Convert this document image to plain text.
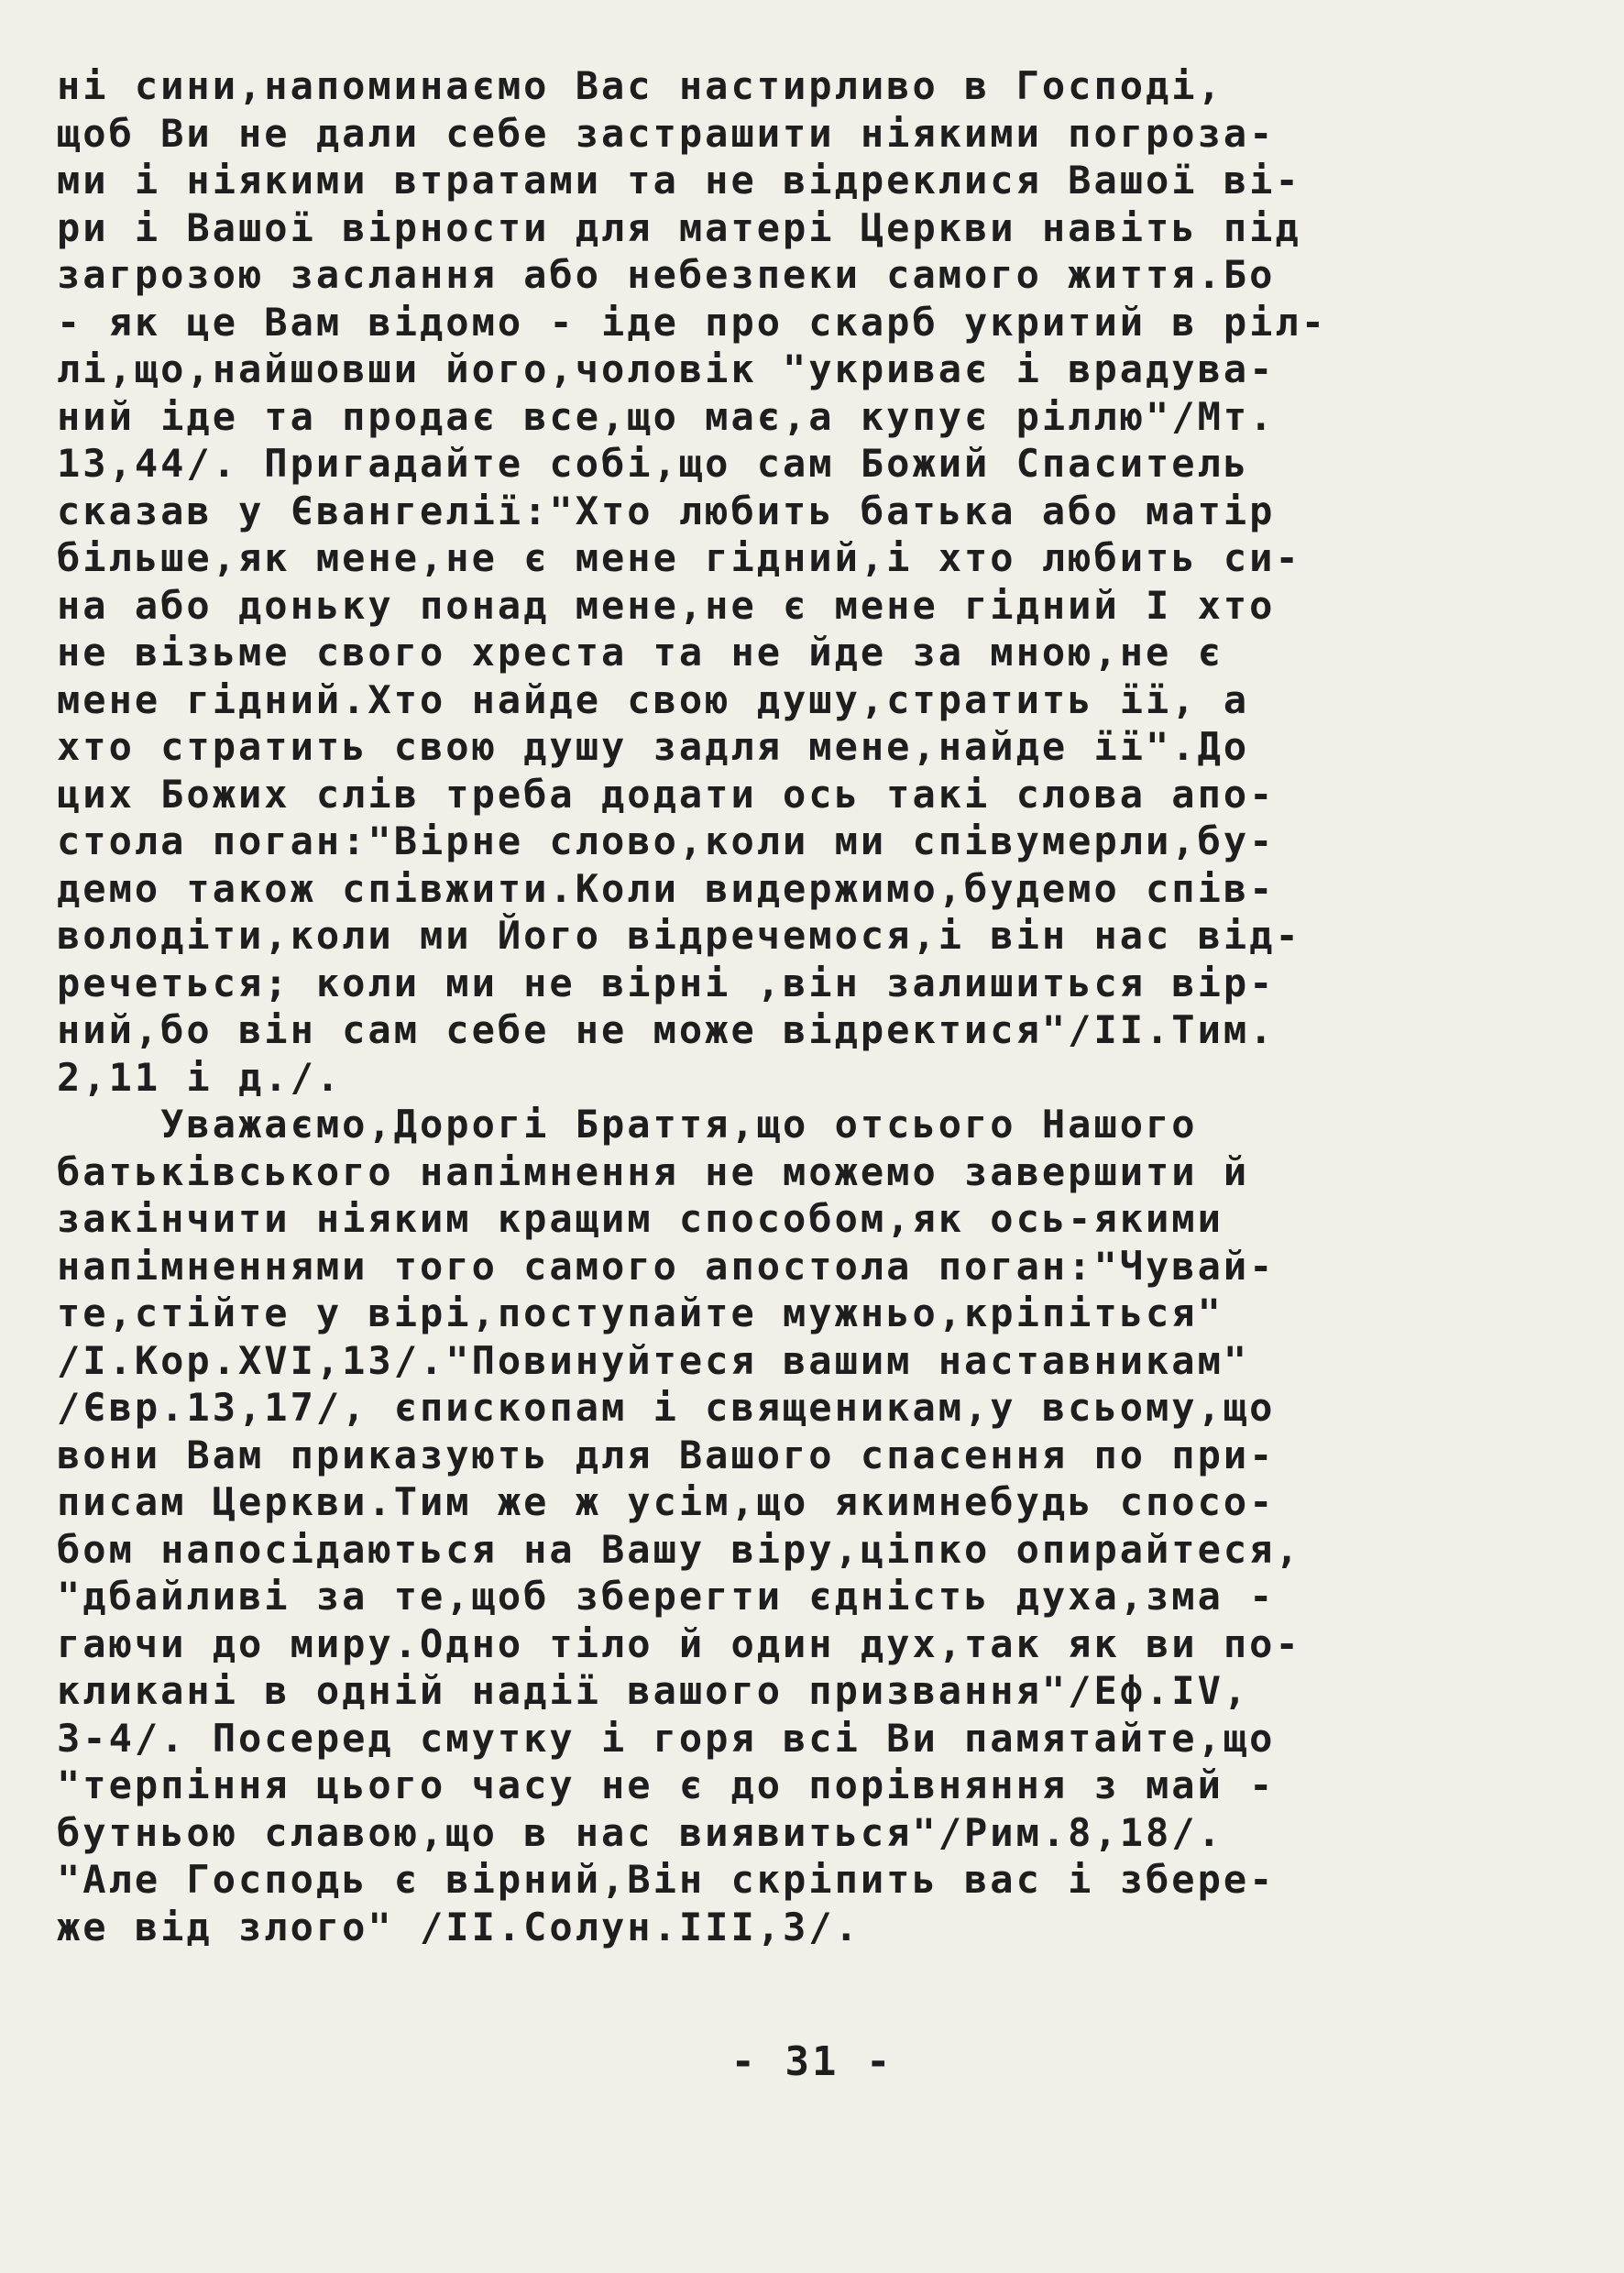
ні сини,напоминаємо Вас настирливо в Господі,
щоб Ви не дали себе застрашити ніякими погроза-
ми і ніякими втратами та не відреклися Вашої ві-
ри і Вашої вірности для матері Церкви навіть під
загрозою заслання або небезпеки самого життя.Бо
- як це Вам відомо - іде про скарб укритий в ріл-
лі,що,найшовши його,чоловік "укриває і врадува-
ний іде та продає все,що має,а купує ріллю"/Мт.
13,44/. Пригадайте собі,що сам Божий Спаситель
сказав у Євангелії:"Хто любить батька або матір
більше,як мене,не є мене гідний,і хто любить си-
на або доньку понад мене,не є мене гідний І хто
не візьме свого хреста та не йде за мною,не є
мене гідний.Хто найде свою душу,стратить її, а
хто стратить свою душу задля мене,найде її".До
цих Божих слів треба додати ось такі слова апо-
стола поган:"Вірне слово,коли ми співумерли,бу-
демо також співжити.Коли видержимо,будемо спів-
володіти,коли ми Його відречемося,і він нас від-
речеться; коли ми не вірні ,він залишиться вір-
ний,бо він сам себе не може відректися"/ІІ.Тим.
2,11 і д./.
Уважаємо,Дорогі Браття,що отсього Нашого
батьківського напімнення не можемо завершити й
закінчити ніяким кращим способом,як ось-якими
напімненнями того самого апостола поган:"Чувай-
те,стійте у вірі,поступайте мужньо,кріпіться"
/І.Кор.XVI,13/."Повинуйтеся вашим наставникам"
/Євр.13,17/, єпископам і священикам,у всьому,що
вони Вам приказують для Вашого спасення по при-
писам Церкви.Тим же ж усім,що якимнебудь спосо-
бом напосідаються на Вашу віру,ціпко опирайтеся,
"дбайливі за те,щоб зберегти єдність духа,зма -
гаючи до миру.Одно тіло й один дух,так як ви по-
кликані в одній надії вашого призвання"/Еф.IV,
3-4/. Посеред смутку і горя всі Ви памятайте,що
"терпіння цього часу не є до порівняння з май -
бутньою славою,що в нас виявиться"/Рим.8,18/.
"Але Господь є вірний,Він скріпить вас і збере-
же від злого" /ІІ.Солун.ІІІ,3/.
- 31 -
